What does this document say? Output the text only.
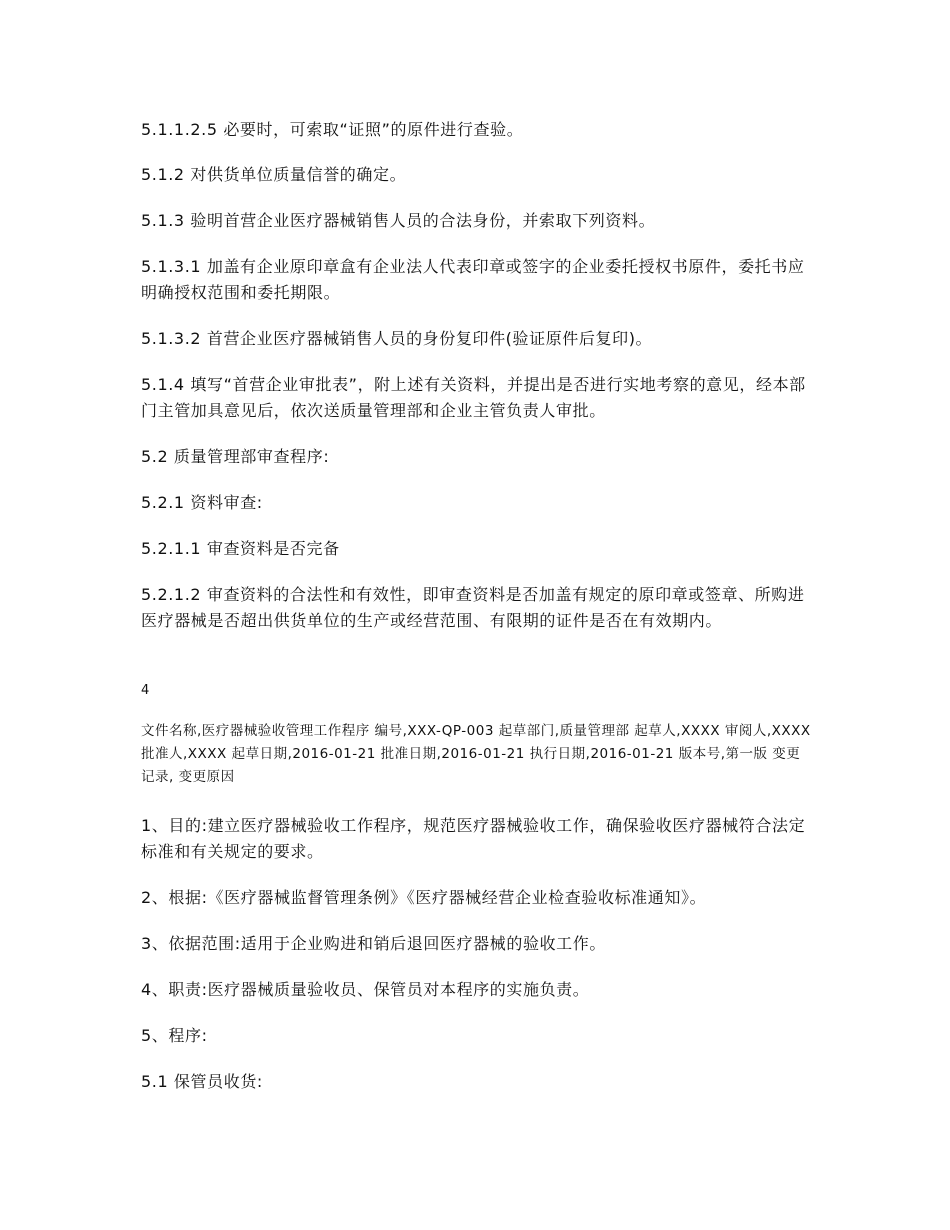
5.1.1.2.5 必要时，可索取“证照”的原件进行查验。

5.1.2 对供货单位质量信誉的确定。

5.1.3 验明首营企业医疗器械销售人员的合法身份，并索取下列资料。

5.1.3.1 加盖有企业原印章盒有企业法人代表印章或签字的企业委托授权书原件，委托书应明确授权范围和委托期限。

5.1.3.2 首营企业医疗器械销售人员的身份复印件(验证原件后复印)。

5.1.4 填写“首营企业审批表”，附上述有关资料，并提出是否进行实地考察的意见，经本部门主管加具意见后，依次送质量管理部和企业主管负责人审批。

5.2 质量管理部审查程序:

5.2.1 资料审查:

5.2.1.1 审查资料是否完备

5.2.1.2 审查资料的合法性和有效性，即审查资料是否加盖有规定的原印章或签章、所购进医疗器械是否超出供货单位的生产或经营范围、有限期的证件是否在有效期内。

4

文件名称,医疗器械验收管理工作程序 编号,XXX-QP-003 起草部门,质量管理部 起草人,XXXX 审阅人,XXXX 批准人,XXXX 起草日期,2016-01-21 批准日期,2016-01-21 执行日期,2016-01-21 版本号,第一版 变更记录, 变更原因

1、目的:建立医疗器械验收工作程序，规范医疗器械验收工作，确保验收医疗器械符合法定标准和有关规定的要求。

2、根据:《医疗器械监督管理条例》《医疗器械经营企业检查验收标准通知》。

3、依据范围:适用于企业购进和销后退回医疗器械的验收工作。

4、职责:医疗器械质量验收员、保管员对本程序的实施负责。

5、程序:

5.1 保管员收货:
